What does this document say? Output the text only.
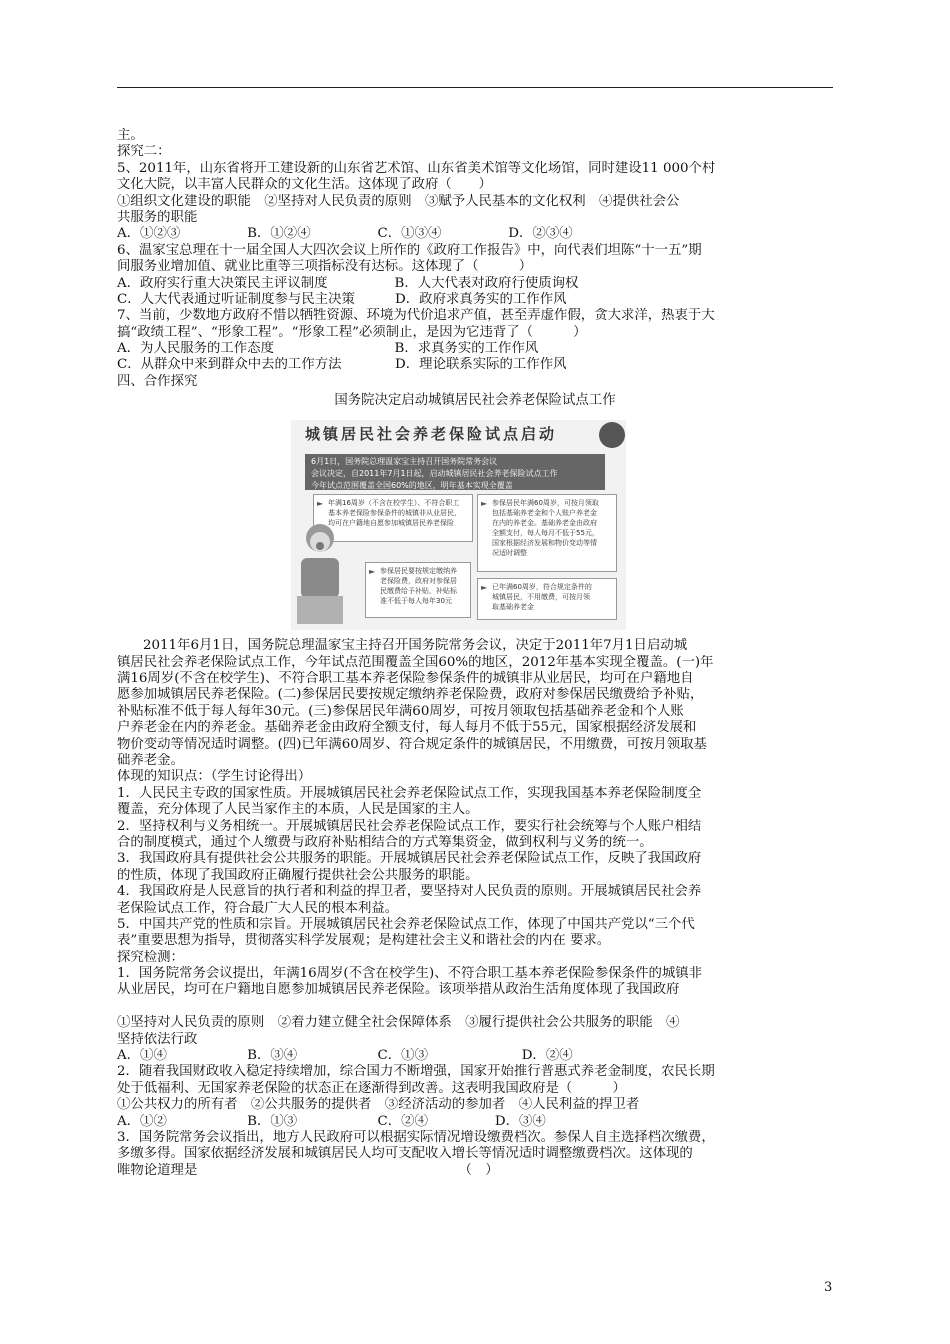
主。
探究二：
5、2011年，山东省将开工建设新的山东省艺术馆、山东省美术馆等文化场馆，同时建设11 000个村
文化大院，以丰富人民群众的文化生活。这体现了政府（　　）
①组织文化建设的职能　②坚持对人民负责的原则　③赋予人民基本的文化权利　④提供社会公
共服务的职能
A．①②③　　　　　B．①②④　　　　　C．①③④　　　　　D．②③④
6、温家宝总理在十一届全国人大四次会议上所作的《政府工作报告》中，向代表们坦陈“十一五”期
间服务业增加值、就业比重等三项指标没有达标。这体现了（　　　）
A．政府实行重大决策民主评议制度　　　　　B．人大代表对政府行使质询权
C．人大代表通过听证制度参与民主决策　　　D．政府求真务实的工作作风
7、当前，少数地方政府不惜以牺牲资源、环境为代价追求产值，甚至弄虚作假，贪大求洋，热衷于大
搞“政绩工程”、“形象工程”。“形象工程”必须制止，是因为它违背了（　　　）
A．为人民服务的工作态度　　　　　　　　　B．求真务实的工作作风
C．从群众中来到群众中去的工作方法　　　　D．理论联系实际的工作作风
四、合作探究
国务院决定启动城镇居民社会养老保险试点工作
城镇居民社会养老保险试点启动
6月1日，国务院总理温家宝主持召开国务院常务会议
会议决定，自2011年7月1日起，启动城镇居民社会养老保险试点工作
今年试点范围覆盖全国60%的地区，明年基本实现全覆盖
► 年满16周岁（不含在校学生）、不符合职工
基本养老保险参保条件的城镇非从业居民，
均可在户籍地自愿参加城镇居民养老保险
► 参保居民年满60周岁，可按月领取
包括基础养老金和个人账户养老金
在内的养老金。基础养老金由政府
全额支付，每人每月不低于55元，
国家根据经济发展和物价变动等情
况适时调整
► 参保居民要按规定缴纳养
老保险费，政府对参保居
民缴费给予补贴，补贴标
准不低于每人每年30元
► 已年满60周岁，符合规定条件的
城镇居民，不用缴费，可按月领
取基础养老金
2011年6月1日，国务院总理温家宝主持召开国务院常务会议，决定于2011年7月1日启动城
镇居民社会养老保险试点工作，今年试点范围覆盖全国60%的地区，2012年基本实现全覆盖。(一)年
满16周岁(不含在校学生)、不符合职工基本养老保险参保条件的城镇非从业居民，均可在户籍地自
愿参加城镇居民养老保险。(二)参保居民要按规定缴纳养老保险费，政府对参保居民缴费给予补贴，
补贴标准不低于每人每年30元。(三)参保居民年满60周岁，可按月领取包括基础养老金和个人账
户养老金在内的养老金。基础养老金由政府全额支付，每人每月不低于55元，国家根据经济发展和
物价变动等情况适时调整。(四)已年满60周岁、符合规定条件的城镇居民，不用缴费，可按月领取基
础养老金。
体现的知识点：（学生讨论得出）
1．人民民主专政的国家性质。开展城镇居民社会养老保险试点工作，实现我国基本养老保险制度全
覆盖，充分体现了人民当家作主的本质，人民是国家的主人。
2．坚持权利与义务相统一。开展城镇居民社会养老保险试点工作，要实行社会统筹与个人账户相结
合的制度模式，通过个人缴费与政府补贴相结合的方式筹集资金，做到权利与义务的统一。
3．我国政府具有提供社会公共服务的职能。开展城镇居民社会养老保险试点工作，反映了我国政府
的性质，体现了我国政府正确履行提供社会公共服务的职能。
4．我国政府是人民意旨的执行者和利益的捍卫者，要坚持对人民负责的原则。开展城镇居民社会养
老保险试点工作，符合最广大人民的根本利益。
5．中国共产党的性质和宗旨。开展城镇居民社会养老保险试点工作，体现了中国共产党以“三个代
表”重要思想为指导，贯彻落实科学发展观；是构建社会主义和谐社会的内在 要求。
探究检测：
1．国务院常务会议提出，年满16周岁(不含在校学生)、不符合职工基本养老保险参保条件的城镇非
从业居民，均可在户籍地自愿参加城镇居民养老保险。该项举措从政治生活角度体现了我国政府
①坚持对人民负责的原则　②着力建立健全社会保障体系　③履行提供社会公共服务的职能　④
坚持依法行政
A．①④　　　　　　B．③④　　　　　　C．①③　　　　　　　D．②④
2．随着我国财政收入稳定持续增加，综合国力不断增强，国家开始推行普惠式养老金制度，农民长期
处于低福利、无国家养老保险的状态正在逐渐得到改善。这表明我国政府是（　　　）
①公共权力的所有者　②公共服务的提供者　③经济活动的参加者　④人民利益的捍卫者
A．①②　　　　　　B．①③　　　　　　C．②④　　　　　D．③④
3．国务院常务会议指出，地方人民政府可以根据实际情况增设缴费档次。参保人自主选择档次缴费，
多缴多得。国家依据经济发展和城镇居民人均可支配收入增长等情况适时调整缴费档次。这体现的
唯物论道理是　　　　　　　　　　　　　　　　　　　　（　）
3
